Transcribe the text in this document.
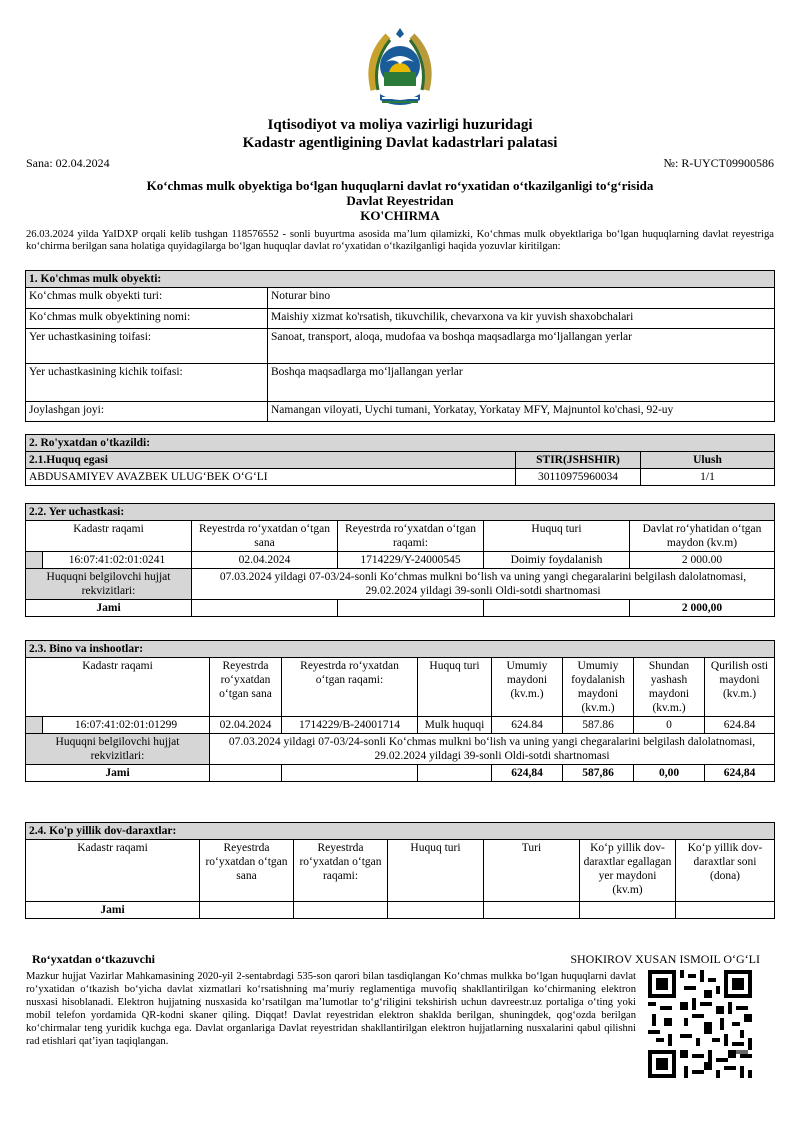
Iqtisodiyot va moliya vazirligi huzuridagi
Kadastr agentligining Davlat kadastrlari palatasi
Sana: 02.04.2024	№: R-UYCT09900586
Koʻchmas mulk obyektiga boʻlgan huquqlarni davlat roʻyxatidan oʻtkazilganligi toʻgʻrisida
Davlat Reyestridan
KO'CHIRMA
26.03.2024 yilda YaIDXP orqali kelib tushgan 118576552 - sonli buyurtma asosida maʼlum qilamizki, Koʻchmas mulk obyektlariga boʻlgan huquqlarning davlat reyestriga koʻchirma berilgan sana holatiga quyidagilarga boʻlgan huquqlar davlat roʻyxatidan oʻtkazilganligi haqida yozuvlar kiritilgan:
1. Ko'chmas mulk obyekti:	
Koʻchmas mulk obyekti turi:	Noturar bino
Koʻchmas mulk obyektining nomi:	Maishiy xizmat ko'rsatish, tikuvchilik, chevarxona va kir yuvish shaxobchalari
Yer uchastkasining toifasi:	Sanoat, transport, aloqa, mudofaa va boshqa maqsadlarga moʻljallangan yerlar
Yer uchastkasining kichik toifasi:	Boshqa maqsadlarga moʻljallangan yerlar
Joylashgan joyi:	Namangan viloyati, Uychi tumani, Yorkatay, Yorkatay MFY, Majnuntol ko'chasi, 92-uy
2. Ro'yxatdan o'tkazildi:		
2.1.Huquq egasi	STIR(JSHSHIR)	Ulush
ABDUSAMIYEV AVAZBEK ULUGʻBEK OʻGʻLI	30110975960034	1/1
2.2. Yer uchastkasi:					
Kadastr raqami		Reyestrda roʻyxatdan oʻtgan sana	Reyestrda roʻyxatdan oʻtgan raqami:	Huquq turi	Davlat roʻyhatidan oʻtgan maydon (kv.m)
	16:07:41:02:01:0241	02.04.2024	1714229/Y-24000545	Doimiy foydalanish	2 000.00
Huquqni belgilovchi hujjat rekvizitlari:		07.03.2024 yildagi 07-03/24-sonli Koʻchmas mulkni boʻlish va uning yangi chegaralarini belgilash dalolatnomasi, 29.02.2024 yildagi 39-sonli Oldi-sotdi shartnomasi			
Jami					2 000,00
2.3. Bino va inshootlar:								
Kadastr raqami		Reyestrda roʻyxatdan oʻtgan sana	Reyestrda roʻyxatdan oʻtgan raqami:	Huquq turi	Umumiy maydoni (kv.m.)	Umumiy foydalanish maydoni (kv.m.)	Shundan yashash maydoni (kv.m.)	Qurilish osti maydoni (kv.m.)
	16:07:41:02:01:01299	02.04.2024	1714229/B-24001714	Mulk huquqi	624.84	587.86	0	624.84
Huquqni belgilovchi hujjat rekvizitlari:		07.03.2024 yildagi 07-03/24-sonli Koʻchmas mulkni boʻlish va uning yangi chegaralarini belgilash dalolatnomasi, 29.02.2024 yildagi 39-sonli Oldi-sotdi shartnomasi						
Jami					624,84	587,86	0,00	624,84
2.4. Ko'p yillik dov-daraxtlar:						
Kadastr raqami	Reyestrda roʻyxatdan oʻtgan sana	Reyestrda roʻyxatdan oʻtgan raqami:	Huquq turi	Turi	Koʻp yillik dov-daraxtlar egallagan yer maydoni (kv.m)	Koʻp yillik dov-daraxtlar soni (dona)
Jami						
Roʻyxatdan oʻtkazuvchi	SHOKIROV XUSAN ISMOIL OʻGʻLI
Mazkur hujjat Vazirlar Mahkamasining 2020-yil 2-sentabrdagi 535-son qarori bilan tasdiqlangan Koʻchmas mulkka boʻlgan huquqlarni davlat roʻyxatidan oʻtkazish boʻyicha davlat xizmatlari koʻrsatishning maʼmuriy reglamentiga muvofiq shakllantirilgan koʻchirmaning elektron nusxasi hisoblanadi. Elektron hujjatning nusxasida koʻrsatilgan maʼlumotlar toʻgʻriligini tekshirish uchun davreestr.uz portaliga oʻting yoki mobil telefon yordamida QR-kodni skaner qiling. Diqqat! Davlat reyestridan elektron shaklda berilgan, shuningdek, qogʻozda berilgan koʻchirmalar teng yuridik kuchga ega. Davlat organlariga Davlat reyestridan shakllantirilgan elektron hujjatlarning nusxalarini qabul qilishni rad etishlari qatʼiyan taqiqlangan.
